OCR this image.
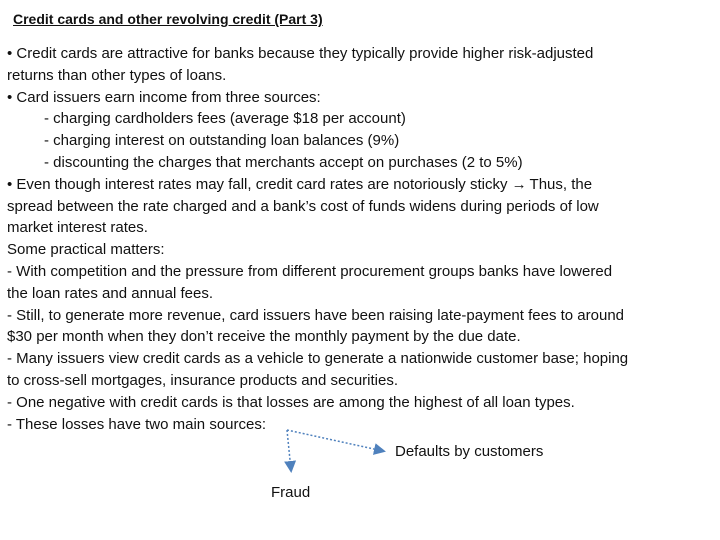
Credit cards and other revolving credit (Part 3)
• Credit cards are attractive for banks because they typically provide higher risk-adjusted
returns than other types of loans.
• Card issuers earn income from three sources:
- charging cardholders fees (average $18 per account)
- charging interest on outstanding loan balances (9%)
- discounting the charges that merchants accept on purchases (2 to 5%)
• Even though interest rates may fall, credit card rates are notoriously sticky → Thus, the
spread between the rate charged and a bank’s cost of funds widens during periods of low
market interest rates.
Some practical matters:
- With competition and the pressure from different procurement groups banks have lowered
the loan rates and annual fees.
- Still, to generate more revenue, card issuers have been raising late-payment fees to around
$30 per month when they don’t receive the monthly payment by the due date.
- Many issuers view credit cards as a vehicle to generate a nationwide customer base; hoping
to cross-sell mortgages, insurance products and securities.
- One negative with credit cards is that losses are among the highest of all loan types.
- These losses have two main sources:
Defaults by customers
Fraud
